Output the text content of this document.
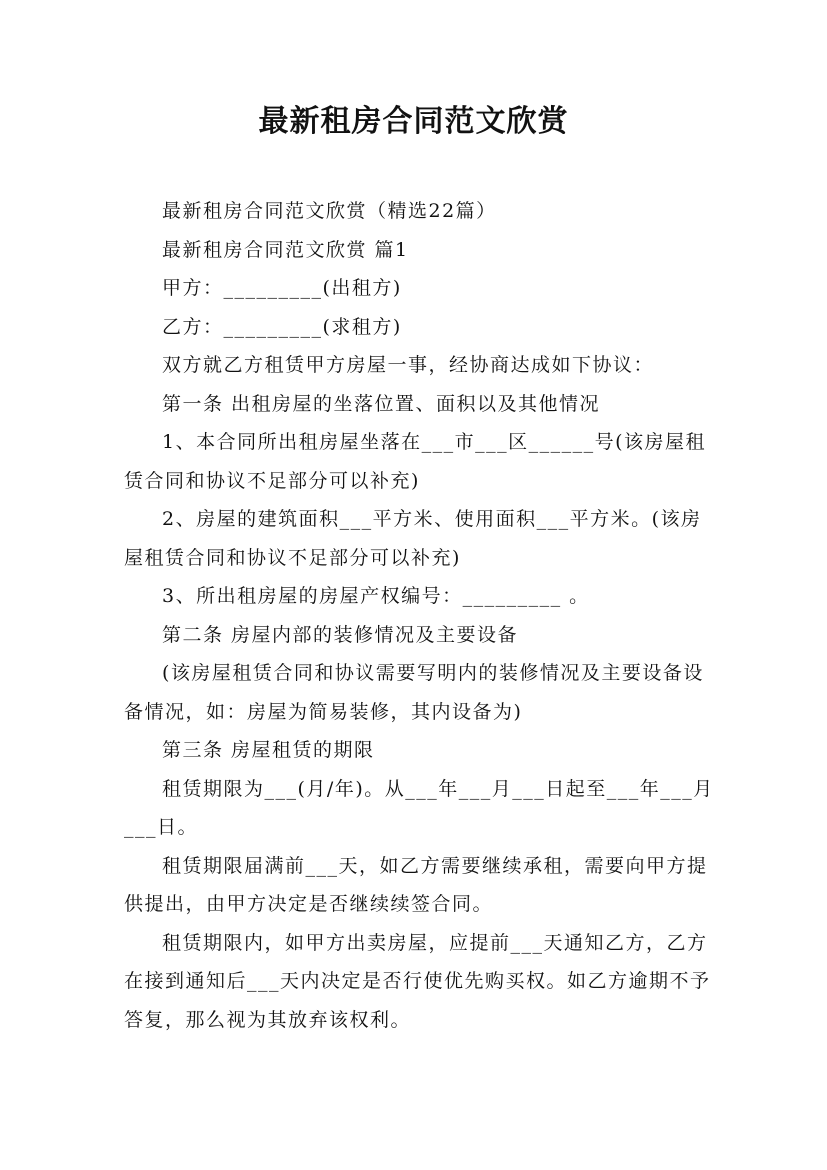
最新租房合同范文欣赏

最新租房合同范文欣赏（精选22篇）

最新租房合同范文欣赏 篇1

甲方：_________(出租方)

乙方：_________(求租方)

双方就乙方租赁甲方房屋一事，经协商达成如下协议：

第一条 出租房屋的坐落位置、面积以及其他情况

1、本合同所出租房屋坐落在___市___区______号(该房屋租赁合同和协议不足部分可以补充)

2、房屋的建筑面积___平方米、使用面积___平方米。(该房屋租赁合同和协议不足部分可以补充)

3、所出租房屋的房屋产权编号：_________ 。

第二条 房屋内部的装修情况及主要设备

(该房屋租赁合同和协议需要写明内的装修情况及主要设备设备情况，如：房屋为简易装修，其内设备为)

第三条 房屋租赁的期限

租赁期限为___(月/年)。从___年___月___日起至___年___月___日。

租赁期限届满前___天，如乙方需要继续承租，需要向甲方提供提出，由甲方决定是否继续续签合同。

租赁期限内，如甲方出卖房屋，应提前___天通知乙方，乙方在接到通知后___天内决定是否行使优先购买权。如乙方逾期不予答复，那么视为其放弃该权利。
